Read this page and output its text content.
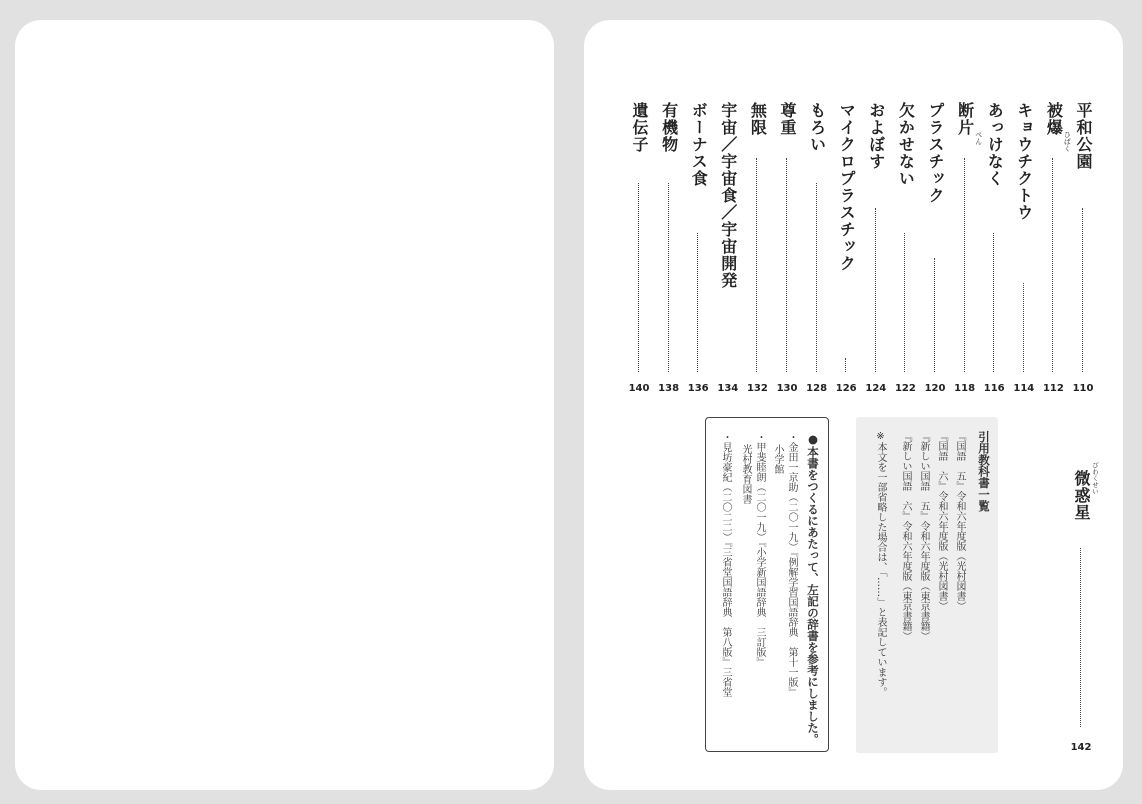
平和公園
110
被爆
ひばく
112
キョウチクトウ
114
あっけなく
116
断片
ぺん
118
プラスチック
120
欠かせない
122
およぼす
124
マイクロプラスチック
126
もろい
128
尊重
130
無限
132
宇宙／宇宙食／宇宙開発
134
ボーナス食
136
有機物
138
遺伝子
140
微惑星 びわくせい
142
引用教科書一覧
『国語　五』令和六年度版（光村図書）
『国語　六』令和六年度版（光村図書）
『新しい国語　五』令和六年度版（東京書籍）
『新しい国語　六』令和六年度版（東京書籍）
※本文を一部省略した場合は、「……」と表記しています。
●本書をつくるにあたって、左記の辞書を参考にしました。
・金田一京助（二〇一九）『例解学習国語辞典　第十一版』
小学館
・甲斐睦朗（二〇一九）『小学新国語辞典　三訂版』
光村教育図書
・見坊豪紀（二〇二二）『三省堂国語辞典　第八版』三省堂
